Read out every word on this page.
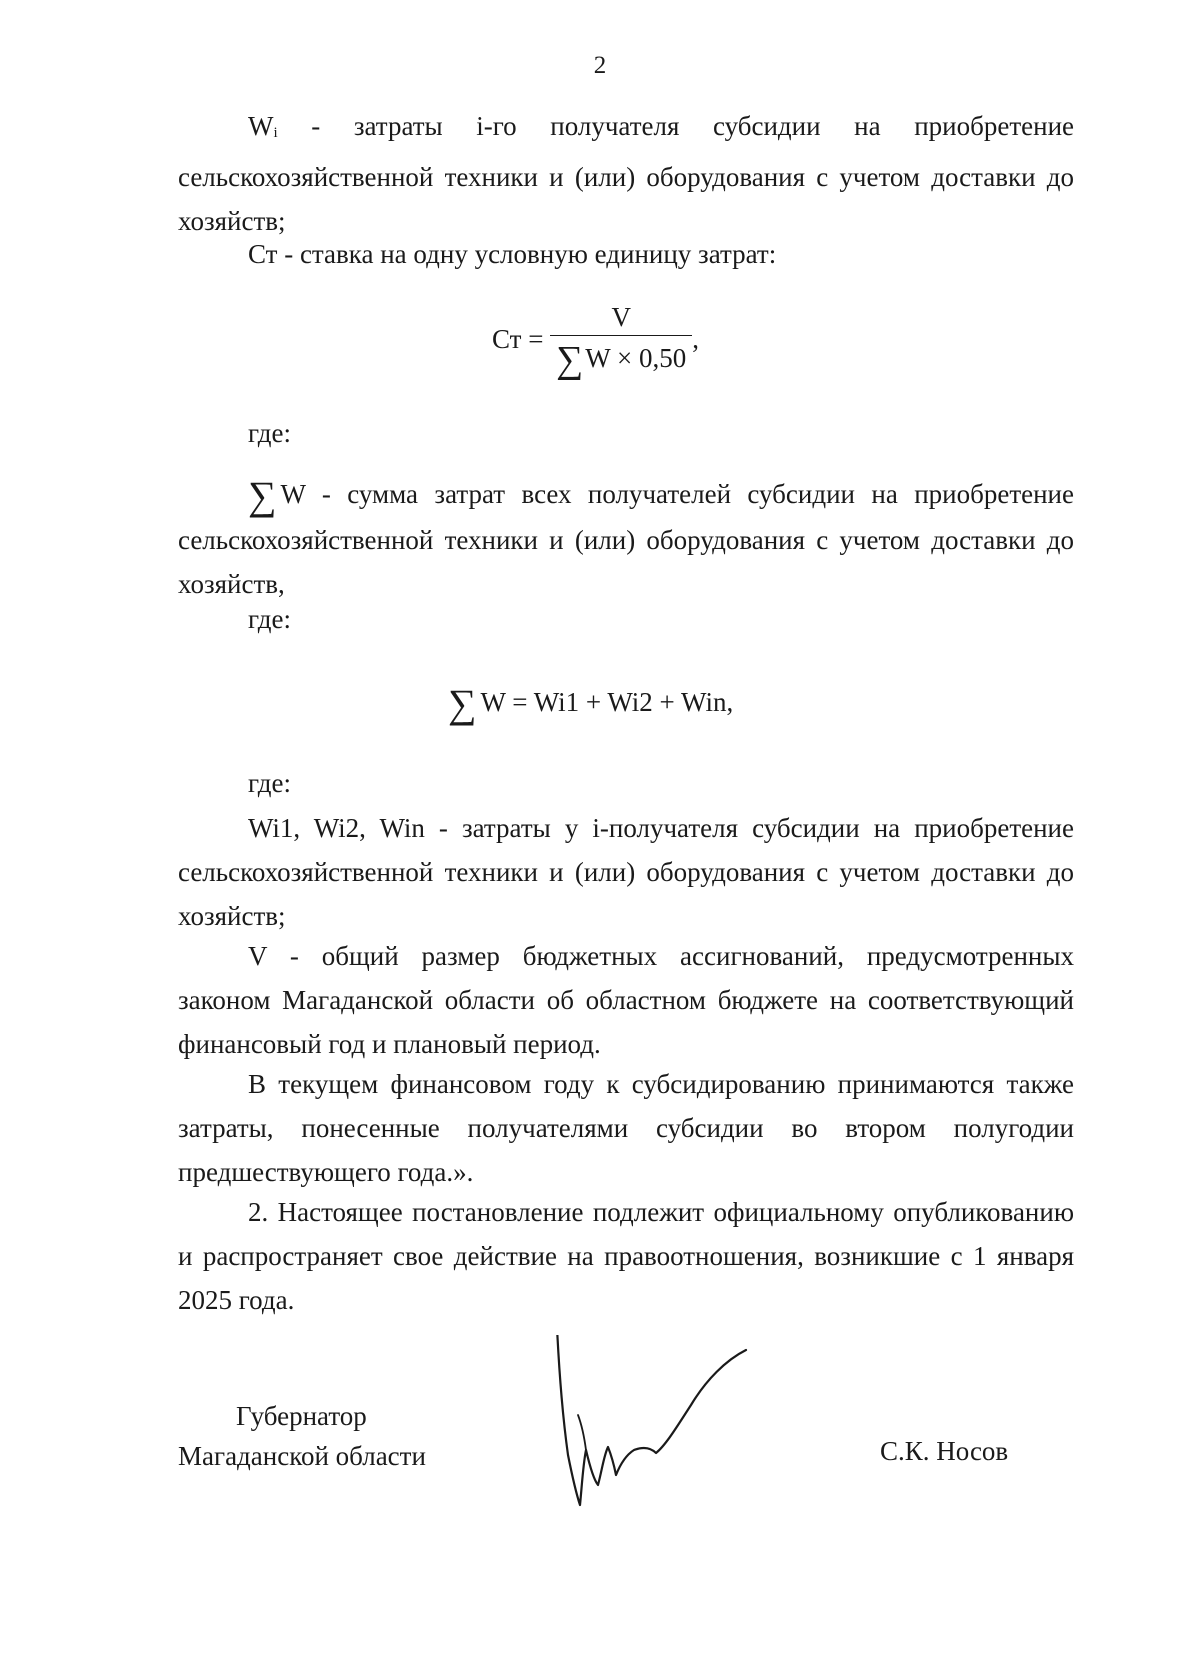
2

Wi - затраты i-го получателя субсидии на приобретение сельскохозяйственной техники и (или) оборудования с учетом доставки до хозяйств;

Ст - ставка на одну условную единицу затрат:

Ст = $\frac{V}{\sum W \times 0,50}$ ,
где:

∑ W - сумма затрат всех получателей субсидии на приобретение сельскохозяйственной техники и (или) оборудования с учетом доставки до хозяйств,

где:
∑ W = Wi1 + Wi2 + Win,
где:

Wi1, Wi2, Win - затраты у i-получателя субсидии на приобретение сельскохозяйственной техники и (или) оборудования с учетом доставки до хозяйств;

V - общий размер бюджетных ассигнований, предусмотренных законом Магаданской области об областном бюджете на соответствующий финансовый год и плановый период.

В текущем финансовом году к субсидированию принимаются также затраты, понесенные получателями субсидии во втором полугодии предшествующего года.».

2. Настоящее постановление подлежит официальному опубликованию и распространяет свое действие на правоотношения, возникшие с 1 января 2025 года.

Губернатор
Магаданской области	С.К. Носов
